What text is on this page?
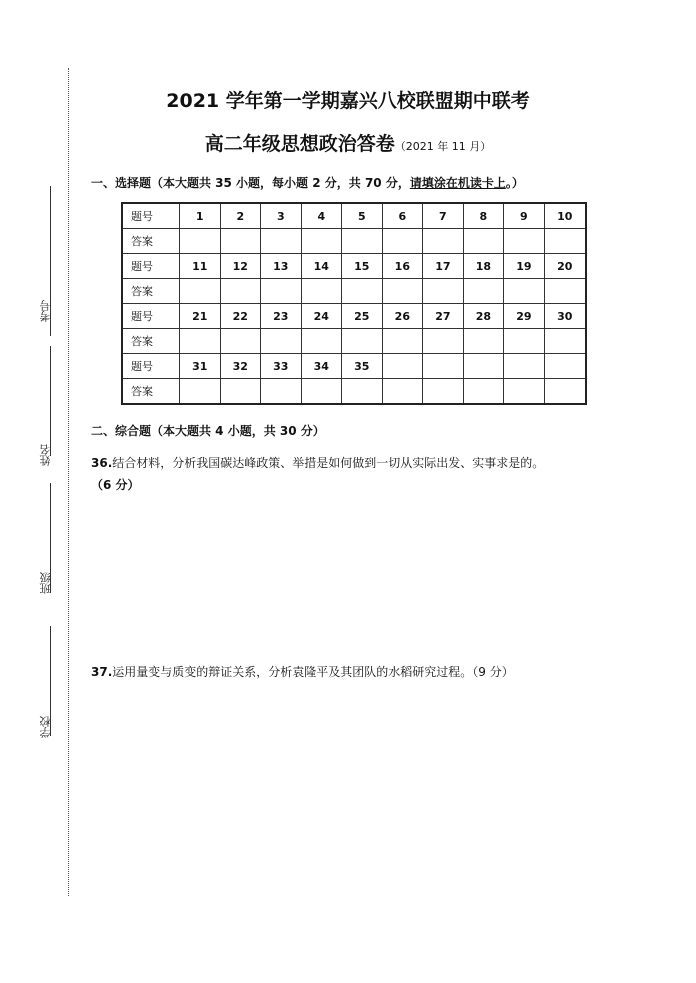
考号
姓名
班级
学校
2021 学年第一学期嘉兴八校联盟期中联考
高二年级思想政治答卷（2021 年 11 月）
一、选择题（本大题共 35 小题，每小题 2 分，共 70 分，请填涂在机读卡上。）
题号	1	2	3	4	5	6	7	8	9	10
答案										
题号	11	12	13	14	15	16	17	18	19	20
答案										
题号	21	22	23	24	25	26	27	28	29	30
答案										
题号	31	32	33	34	35					
答案										
二、综合题（本大题共 4 小题，共 30 分）
36.结合材料，分析我国碳达峰政策、举措是如何做到一切从实际出发、实事求是的。
（6 分）
37.运用量变与质变的辩证关系，分析袁隆平及其团队的水稻研究过程。（9 分）
